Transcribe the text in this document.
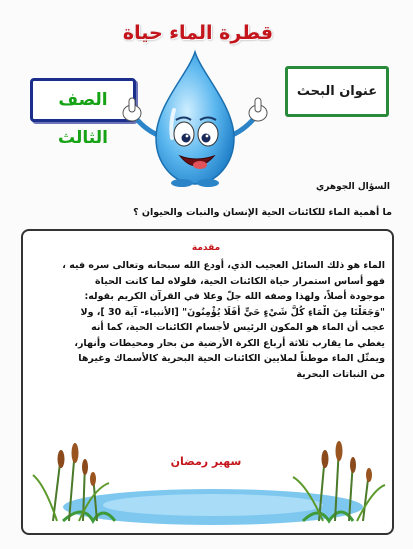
قطرة الماء حياة
الصف الثالث
عنوان البحث
السؤال الجوهري
ما أهمية الماء للكائنات الحية الإنسان والنبات والحيوان ؟
مقدمة
الماء هو ذلك السائل العجيب الذي، أودع الله سبحانه وتعالى سره فيه ،
فهو أساس استمرار حياة الكائنات الحية، فلولاه لما كانت الحياة
موجودة أصلاً، ولهذا وصفه الله جلّ وعلا في القرآن الكريم بقوله:
"وَجَعَلْنَا مِنَ الْمَاءِ كُلَّ شَيْءٍ حَيٍّ أَفَلَا يُؤْمِنُونَ" [الأنبياء- آية 30 ]، ولا
عجب أن الماء هو المكون الرئيس لأجسام الكائنات الحية، كما أنه
يغطي ما يقارب ثلاثة أرباع الكرة الأرضية من بحار ومحيطات وأنهار،
ويمثّل الماء موطناً لملايين الكائنات الحية البحرية كالأسماك وغيرها
من النباتات البحرية
سهير رمضان
